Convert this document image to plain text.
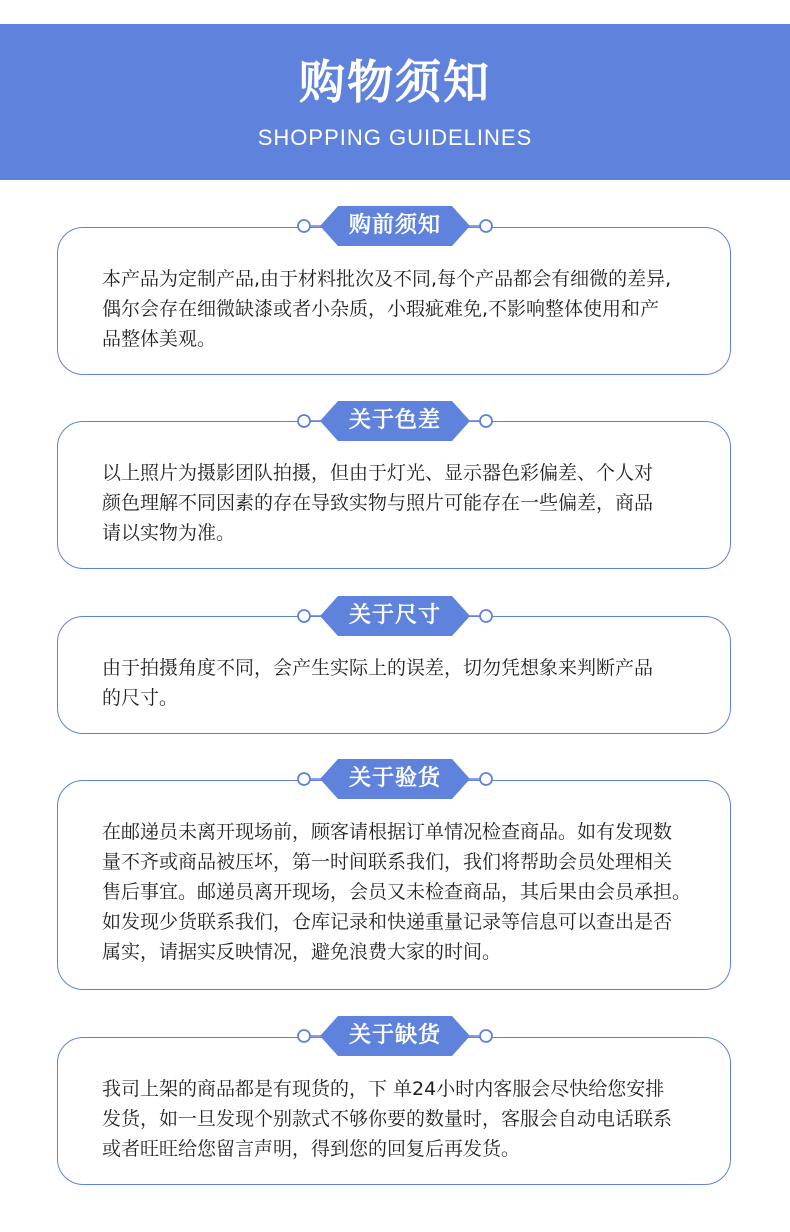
购物须知
SHOPPING GUIDELINES

本产品为定制产品,由于材料批次及不同,每个产品都会有细微的差异,
偶尔会存在细微缺漆或者小杂质，小瑕疵难免,不影响整体使用和产
品整体美观。

购前须知

以上照片为摄影团队拍摄，但由于灯光、显示器色彩偏差、个人对
颜色理解不同因素的存在导致实物与照片可能存在一些偏差，商品
请以实物为准。

关于色差

由于拍摄角度不同，会产生实际上的误差，切勿凭想象来判断产品
的尺寸。

关于尺寸

在邮递员未离开现场前，顾客请根据订单情况检查商品。如有发现数
量不齐或商品被压坏，第一时间联系我们，我们将帮助会员处理相关
售后事宜。邮递员离开现场，会员又未检查商品，其后果由会员承担。
如发现少货联系我们，仓库记录和快递重量记录等信息可以查出是否
属实，请据实反映情况，避免浪费大家的时间。

关于验货

我司上架的商品都是有现货的，下 单24小时内客服会尽快给您安排
发货，如一旦发现个别款式不够你要的数量时，客服会自动电话联系
或者旺旺给您留言声明，得到您的回复后再发货。

关于缺货
